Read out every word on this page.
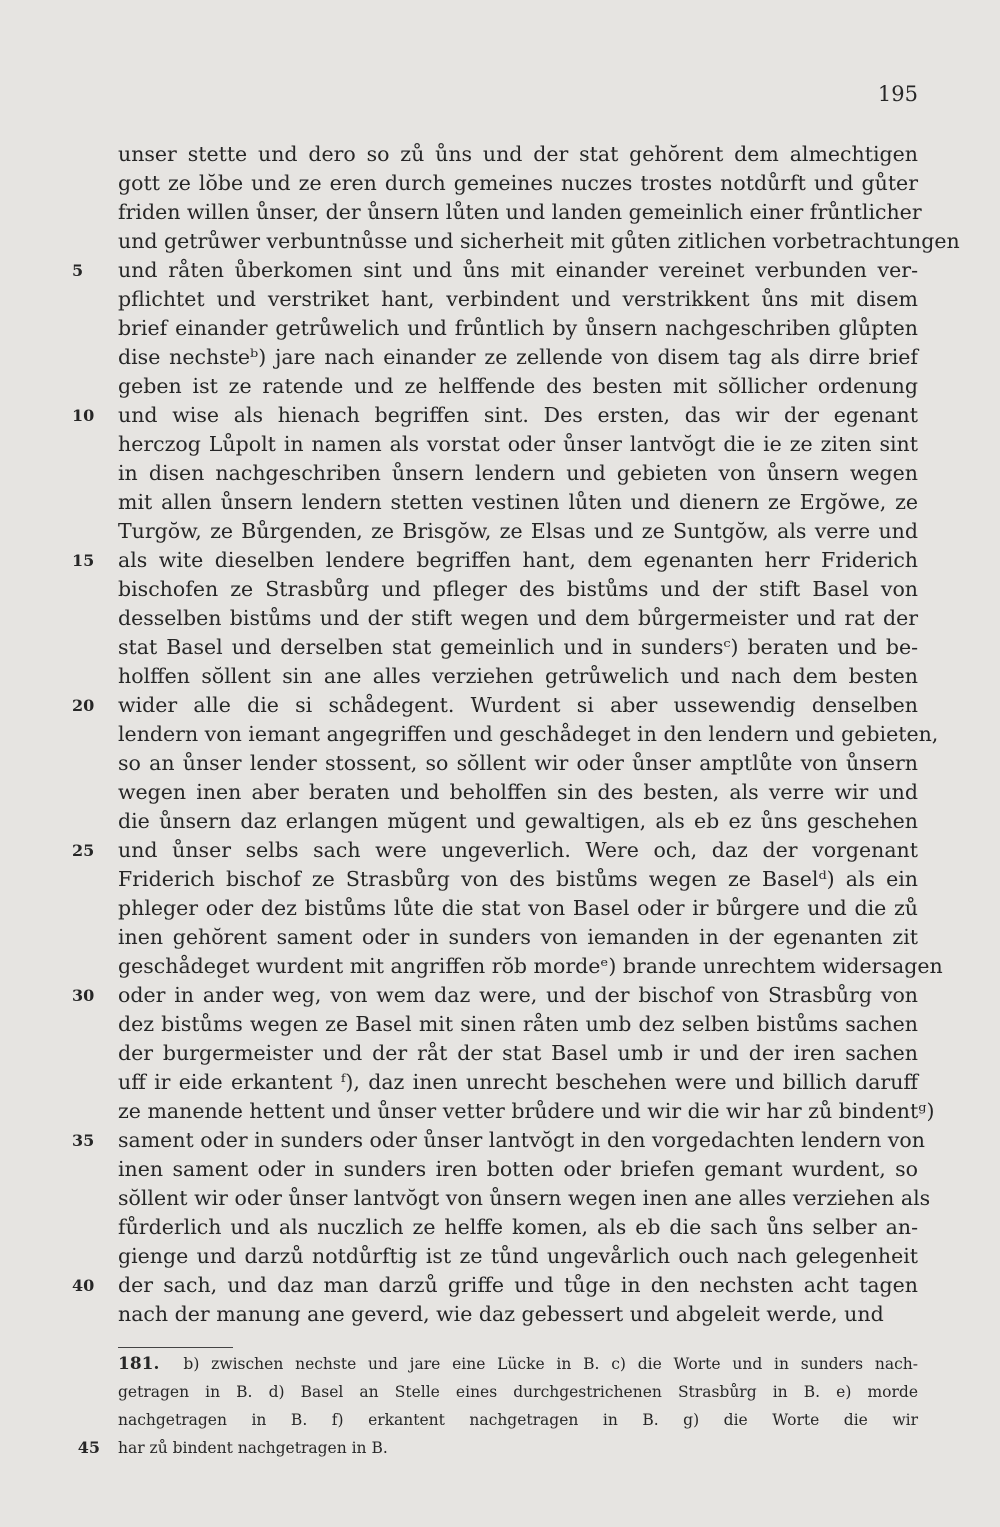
195
unser stette und dero so zů ůns und der stat gehŏrent dem almechtigen
gott ze lŏbe und ze eren durch gemeines nuczes trostes notdůrft und gůter
friden willen ůnser, der ůnsern lůten und landen gemeinlich einer frůntlicher
und getrůwer verbuntnůsse und sicherheit mit gůten zitlichen vorbetrachtungen
5	und råten ůberkomen sint und ůns mit einander vereinet verbunden ver-
pflichtet und verstriket hant, verbindent und verstrikkent ůns mit disem
brief einander getrůwelich und frůntlich by ůnsern nachgeschriben glůpten
dise nechsteᵇ) jare nach einander ze zellende von disem tag als dirre brief
geben ist ze ratende und ze helffende des besten mit sŏllicher ordenung
10 und wise als hienach begriffen sint. Des ersten, das wir der egenant
herczog Lůpolt in namen als vorstat oder ůnser lantvŏgt die ie ze ziten sint
in disen nachgeschriben ůnsern lendern und gebieten von ůnsern wegen
mit allen ůnsern lendern stetten vestinen lůten und dienern ze Ergŏwe, ze
Turgŏw, ze Bůrgenden, ze Brisgŏw, ze Elsas und ze Suntgŏw, als verre und
15 als wite dieselben lendere begriffen hant, dem egenanten herr Friderich
bischofen ze Strasbůrg und pfleger des bistůms und der stift Basel von
desselben bistůms und der stift wegen und dem bůrgermeister und rat der
stat Basel und derselben stat gemeinlich und in sundersᶜ) beraten und be-
holffen sŏllent sin ane alles verziehen getrůwelich und nach dem besten
20 wider alle die si schådegent. Wurdent si aber ussewendig denselben
lendern von iemant angegriffen und geschådeget in den lendern und gebieten,
so an ůnser lender stossent, so sŏllent wir oder ůnser amptlůte von ůnsern
wegen inen aber beraten und beholffen sin des besten, als verre wir und
die ůnsern daz erlangen mŭgent und gewaltigen, als eb ez ůns geschehen
25 und ůnser selbs sach were ungeverlich. Were och, daz der vorgenant
Friderich bischof ze Strasbůrg von des bistůms wegen ze Baselᵈ) als ein
phleger oder dez bistůms lůte die stat von Basel oder ir bůrgere und die zů
inen gehŏrent sament oder in sunders von iemanden in der egenanten zit
geschådeget wurdent mit angriffen rŏb mordeᵉ) brande unrechtem widersagen
30 oder in ander weg, von wem daz were, und der bischof von Strasbůrg von
dez bistůms wegen ze Basel mit sinen råten umb dez selben bistůms sachen
der burgermeister und der råt der stat Basel umb ir und der iren sachen
uff ir eide erkantent ᶠ), daz inen unrecht beschehen were und billich daruff
ze manende hettent und ůnser vetter brůdere und wir die wir har zů bindentᵍ)
35 sament oder in sunders oder ůnser lantvŏgt in den vorgedachten lendern von
inen sament oder in sunders iren botten oder briefen gemant wurdent, so
sŏllent wir oder ůnser lantvŏgt von ůnsern wegen inen ane alles verziehen als
fůrderlich und als nuczlich ze helffe komen, als eb die sach ůns selber an-
gienge und darzů notdůrftig ist ze tůnd ungevårlich ouch nach gelegenheit
40 der sach, und daz man darzů griffe und tůge in den nechsten acht tagen
nach der manung ane geverd, wie daz gebessert und abgeleit werde, und
181. b) zwischen nechste und jare eine Lücke in B. c) die Worte und in sunders nach-
getragen in B. d) Basel an Stelle eines durchgestrichenen Strasbůrg in B. e) morde
nachgetragen in B. f) erkantent nachgetragen in B. g) die Worte die wir
har zů bindent nachgetragen in B.
45
